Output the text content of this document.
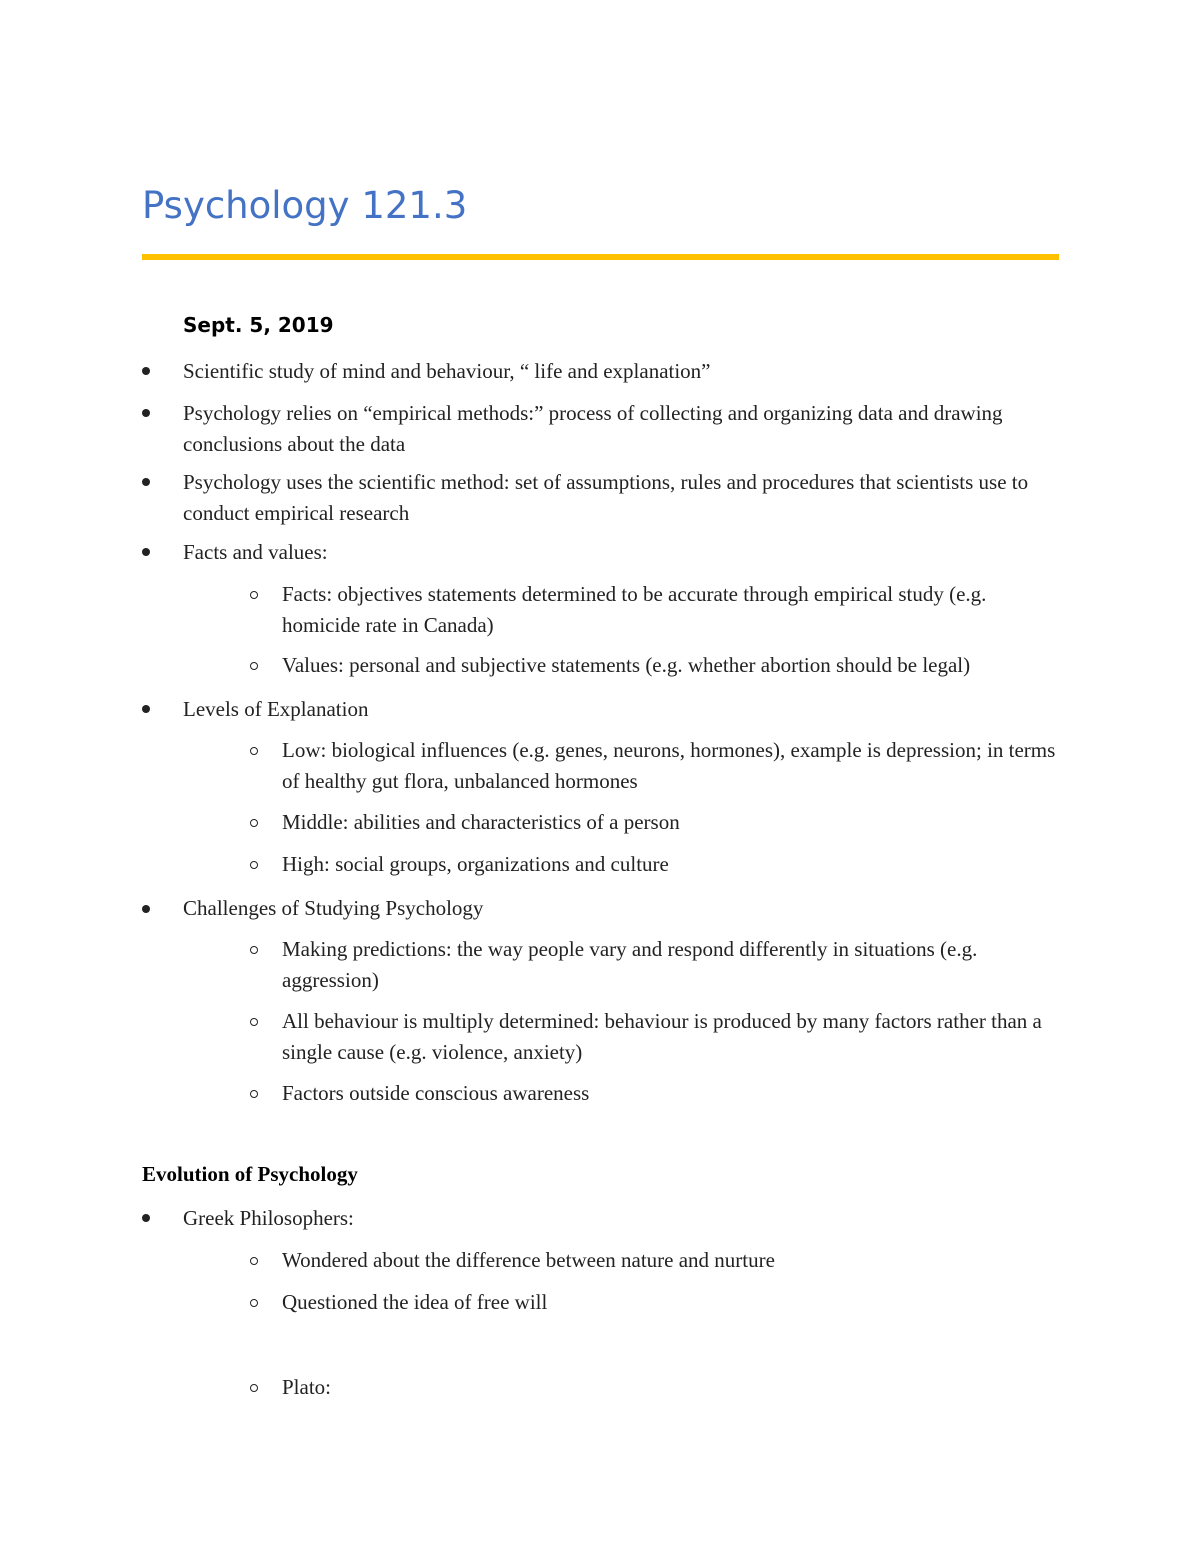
Psychology 121.3
Sept. 5, 2019
Scientific study of mind and behaviour, “ life and explanation”
Psychology relies on “empirical methods:” process of collecting and organizing data and drawing conclusions about the data
Psychology uses the scientific method: set of assumptions, rules and procedures that scientists use to conduct empirical research
Facts and values:
Facts: objectives statements determined to be accurate through empirical study (e.g. homicide rate in Canada)
Values: personal and subjective statements (e.g. whether abortion should be legal)
Levels of Explanation
Low: biological influences (e.g. genes, neurons, hormones), example is depression; in terms of healthy gut flora, unbalanced hormones
Middle: abilities and characteristics of a person
High: social groups, organizations and culture
Challenges of Studying Psychology
Making predictions: the way people vary and respond differently in situations (e.g. aggression)
All behaviour is multiply determined: behaviour is produced by many factors rather than a single cause (e.g. violence, anxiety)
Factors outside conscious awareness
Evolution of Psychology
Greek Philosophers:
Wondered about the difference between nature and nurture
Questioned the idea of free will
Plato:
